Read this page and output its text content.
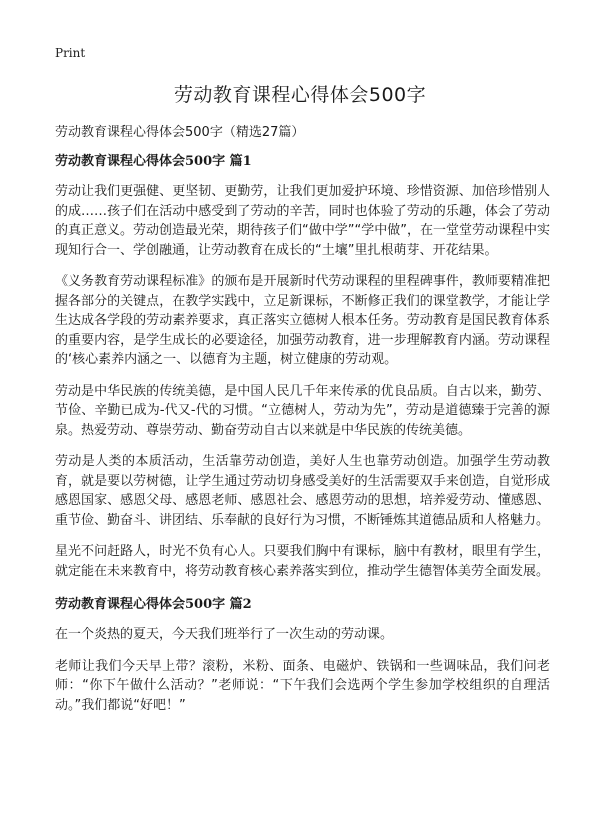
Print
劳动教育课程心得体会500字
劳动教育课程心得体会500字（精选27篇）
劳动教育课程心得体会500字 篇1

劳动让我们更强健、更坚韧、更勤劳，让我们更加爱护环境、珍惜资源、加倍珍惜别人的成……孩子们在活动中感受到了劳动的辛苦，同时也体验了劳动的乐趣，体会了劳动的真正意义。劳动创造最光荣，期待孩子们“做中学”“学中做”，在一堂堂劳动课程中实现知行合一、学创融通，让劳动教育在成长的“土壤”里扎根萌芽、开花结果。

《义务教育劳动课程标准》的颁布是开展新时代劳动课程的里程碑事件，教师要精准把握各部分的关键点，在教学实践中，立足新课标，不断修正我们的课堂教学，才能让学生达成各学段的劳动素养要求，真正落实立德树人根本任务。劳动教育是国民教育体系的重要内容，是学生成长的必要途径，加强劳动教育，进一步理解教育内涵。劳动课程的‘核心素养内涵之一、以德育为主题，树立健康的劳动观。

劳动是中华民族的传统美德，是中国人民几千年来传承的优良品质。自古以来，勤劳、节俭、辛勤已成为-代又-代的习惯。“立德树人，劳动为先”，劳动是道德臻于完善的源泉。热爱劳动、尊崇劳动、勤奋劳动自古以来就是中华民族的传统美德。

劳动是人类的本质活动，生活靠劳动创造，美好人生也靠劳动创造。加强学生劳动教育，就是要以劳树德，让学生通过劳动切身感受美好的生活需要双手来创造，自觉形成感恩国家、感恩父母、感恩老师、感恩社会、感恩劳动的思想，培养爱劳动、懂感恩、重节俭、勤奋斗、讲团结、乐奉献的良好行为习惯，不断锤炼其道德品质和人格魅力。

星光不问赶路人，时光不负有心人。只要我们胸中有课标，脑中有教材，眼里有学生，就定能在未来教育中，将劳动教育核心素养落实到位，推动学生德智体美劳全面发展。

劳动教育课程心得体会500字 篇2

在一个炎热的夏天，今天我们班举行了一次生动的劳动课。

老师让我们今天早上带？滚粉，米粉、面条、电磁炉、铁锅和一些调味品，我们问老师：“你下午做什么活动？”老师说：“下午我们会选两个学生参加学校组织的自理活动。”我们都说“好吧！”
